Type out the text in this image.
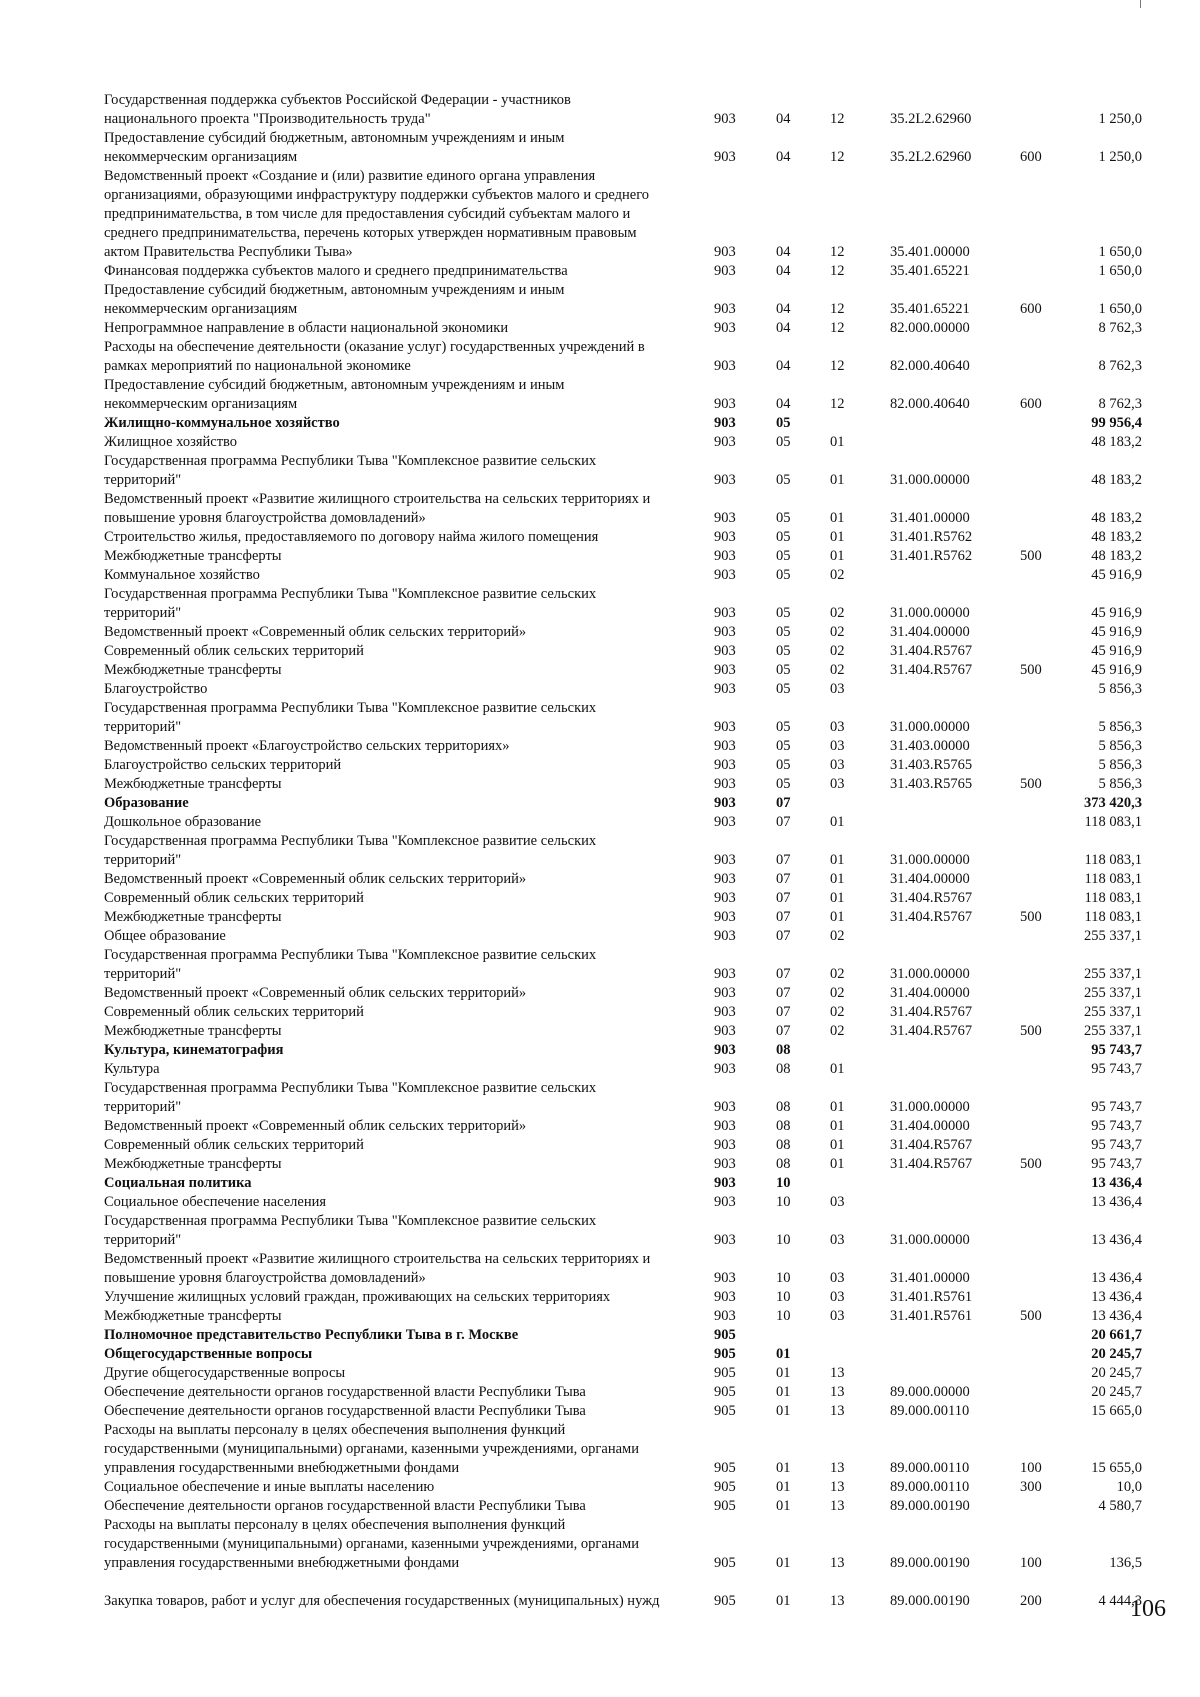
Государственная поддержка субъектов Российской Федерации - участников национального проекта "Производительность труда"	903	04	12	35.2L2.62960	1 250,0
Предоставление субсидий бюджетным, автономным учреждениям и иным некоммерческим организациям	903	04	12	35.2L2.62960	600	1 250,0
Ведомственный проект «Создание и (или) развитие единого органа управления организациями, образующими инфраструктуру поддержки субъектов малого и среднего предпринимательства, в том числе для предоставления субсидий субъектам малого и среднего предпринимательства, перечень которых утвержден нормативным правовым актом Правительства Республики Тыва»	903	04	12	35.401.00000	1 650,0
Финансовая поддержка субъектов малого и среднего предпринимательства	903	04	12	35.401.65221	1 650,0
Предоставление субсидий бюджетным, автономным учреждениям и иным некоммерческим организациям	903	04	12	35.401.65221	600	1 650,0
Непрограммное направление в области национальной экономики	903	04	12	82.000.00000	8 762,3
Расходы на обеспечение деятельности (оказание услуг) государственных учреждений в рамках мероприятий по национальной экономике	903	04	12	82.000.40640	8 762,3
Предоставление субсидий бюджетным, автономным учреждениям и иным некоммерческим организациям	903	04	12	82.000.40640	600	8 762,3
Жилищно-коммунальное хозяйство	903	05	99 956,4
Жилищное хозяйство	903	05	01	48 183,2
Государственная программа Республики Тыва "Комплексное развитие сельских территорий"	903	05	01	31.000.00000	48 183,2
Ведомственный проект «Развитие жилищного строительства на сельских территориях и повышение уровня благоустройства домовладений»	903	05	01	31.401.00000	48 183,2
Строительство жилья, предоставляемого по договору найма жилого помещения	903	05	01	31.401.R5762	48 183,2
Межбюджетные трансферты	903	05	01	31.401.R5762	500	48 183,2
Коммунальное хозяйство	903	05	02	45 916,9
Государственная программа Республики Тыва "Комплексное развитие сельских территорий"	903	05	02	31.000.00000	45 916,9
Ведомственный проект «Современный облик сельских территорий»	903	05	02	31.404.00000	45 916,9
Современный облик сельских территорий	903	05	02	31.404.R5767	45 916,9
Межбюджетные трансферты	903	05	02	31.404.R5767	500	45 916,9
Благоустройство	903	05	03	5 856,3
Государственная программа Республики Тыва "Комплексное развитие сельских территорий"	903	05	03	31.000.00000	5 856,3
Ведомственный проект «Благоустройство сельских территориях»	903	05	03	31.403.00000	5 856,3
Благоустройство сельских территорий	903	05	03	31.403.R5765	5 856,3
Межбюджетные трансферты	903	05	03	31.403.R5765	500	5 856,3
Образование	903	07	373 420,3
Дошкольное образование	903	07	01	118 083,1
Государственная программа Республики Тыва "Комплексное развитие сельских территорий"	903	07	01	31.000.00000	118 083,1
Ведомственный проект «Современный облик сельских территорий»	903	07	01	31.404.00000	118 083,1
Современный облик сельских территорий	903	07	01	31.404.R5767	118 083,1
Межбюджетные трансферты	903	07	01	31.404.R5767	500	118 083,1
Общее образование	903	07	02	255 337,1
Государственная программа Республики Тыва "Комплексное развитие сельских территорий"	903	07	02	31.000.00000	255 337,1
Ведомственный проект «Современный облик сельских территорий»	903	07	02	31.404.00000	255 337,1
Современный облик сельских территорий	903	07	02	31.404.R5767	255 337,1
Межбюджетные трансферты	903	07	02	31.404.R5767	500	255 337,1
Культура, кинематография	903	08	95 743,7
Культура	903	08	01	95 743,7
Государственная программа Республики Тыва "Комплексное развитие сельских территорий"	903	08	01	31.000.00000	95 743,7
Ведомственный проект «Современный облик сельских территорий»	903	08	01	31.404.00000	95 743,7
Современный облик сельских территорий	903	08	01	31.404.R5767	95 743,7
Межбюджетные трансферты	903	08	01	31.404.R5767	500	95 743,7
Социальная политика	903	10	13 436,4
Социальное обеспечение населения	903	10	03	13 436,4
Государственная программа Республики Тыва "Комплексное развитие сельских территорий"	903	10	03	31.000.00000	13 436,4
Ведомственный проект «Развитие жилищного строительства на сельских территориях и повышение уровня благоустройства домовладений»	903	10	03	31.401.00000	13 436,4
Улучшение жилищных условий граждан, проживающих на сельских территориях	903	10	03	31.401.R5761	13 436,4
Межбюджетные трансферты	903	10	03	31.401.R5761	500	13 436,4
Полномочное представительство Республики Тыва в г. Москве	905	20 661,7
Общегосударственные вопросы	905	01	20 245,7
Другие общегосударственные вопросы	905	01	13	20 245,7
Обеспечение деятельности органов государственной власти Республики Тыва	905	01	13	89.000.00000	20 245,7
Обеспечение деятельности органов государственной власти Республики Тыва	905	01	13	89.000.00110	15 665,0
Расходы на выплаты персоналу в целях обеспечения выполнения функций государственными (муниципальными) органами, казенными учреждениями, органами управления государственными внебюджетными фондами	905	01	13	89.000.00110	100	15 655,0
Социальное обеспечение и иные выплаты населению	905	01	13	89.000.00110	300	10,0
Обеспечение деятельности органов государственной власти Республики Тыва	905	01	13	89.000.00190	4 580,7
Расходы на выплаты персоналу в целях обеспечения выполнения функций государственными (муниципальными) органами, казенными учреждениями, органами управления государственными внебюджетными фондами	905	01	13	89.000.00190	100	136,5
Закупка товаров, работ и услуг для обеспечения государственных (муниципальных) нужд	905	01	13	89.000.00190	200	4 444,3
106
